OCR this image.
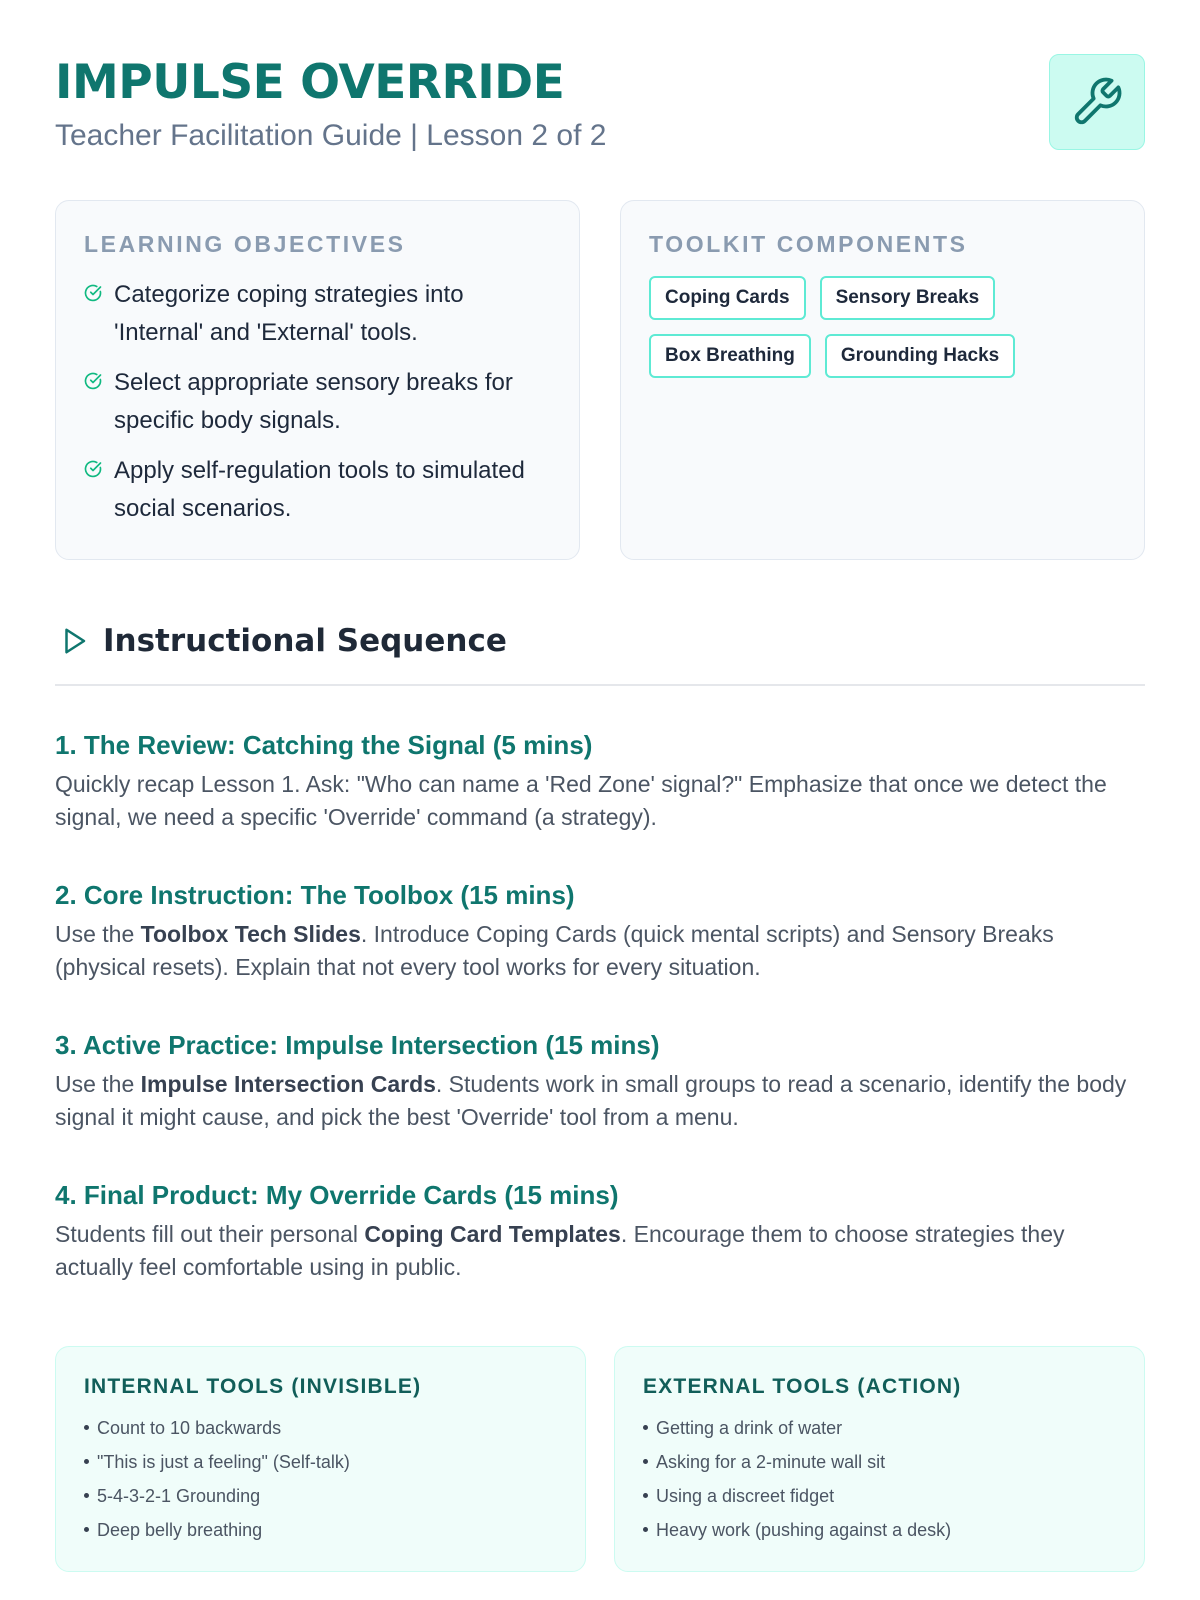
IMPULSE OVERRIDE
Teacher Facilitation Guide | Lesson 2 of 2
LEARNING OBJECTIVES
Categorize coping strategies into 'Internal' and 'External' tools.
Select appropriate sensory breaks for specific body signals.
Apply self-regulation tools to simulated social scenarios.
TOOLKIT COMPONENTS
Coping Cards	Sensory Breaks
Box Breathing	Grounding Hacks
Instructional Sequence
1. The Review: Catching the Signal (5 mins)
Quickly recap Lesson 1. Ask: "Who can name a 'Red Zone' signal?" Emphasize that once we detect the signal, we need a specific 'Override' command (a strategy).
2. Core Instruction: The Toolbox (15 mins)
Use the Toolbox Tech Slides. Introduce Coping Cards (quick mental scripts) and Sensory Breaks (physical resets). Explain that not every tool works for every situation.
3. Active Practice: Impulse Intersection (15 mins)
Use the Impulse Intersection Cards. Students work in small groups to read a scenario, identify the body signal it might cause, and pick the best 'Override' tool from a menu.
4. Final Product: My Override Cards (15 mins)
Students fill out their personal Coping Card Templates. Encourage them to choose strategies they actually feel comfortable using in public.
INTERNAL TOOLS (INVISIBLE)
Count to 10 backwards
"This is just a feeling" (Self-talk)
5-4-3-2-1 Grounding
Deep belly breathing
EXTERNAL TOOLS (ACTION)
Getting a drink of water
Asking for a 2-minute wall sit
Using a discreet fidget
Heavy work (pushing against a desk)
